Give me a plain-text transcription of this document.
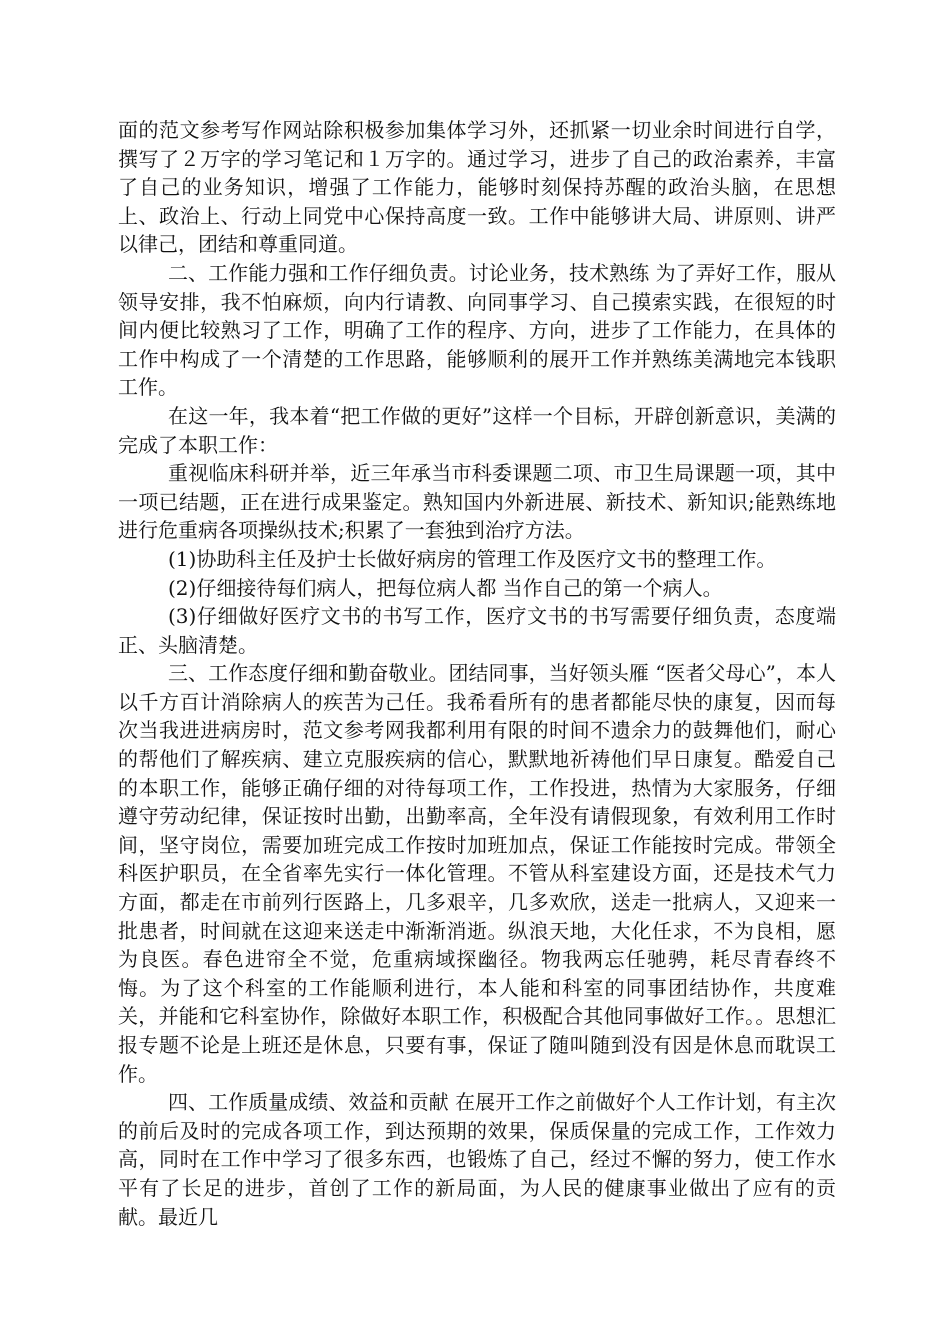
面的范文参考写作网站除积极参加集体学习外，还抓紧一切业余时间进行自学，撰写了２万字的学习笔记和１万字的。通过学习，进步了自己的政治素养，丰富了自己的业务知识，增强了工作能力，能够时刻保持苏醒的政治头脑，在思想上、政治上、行动上同党中心保持高度一致。工作中能够讲大局、讲原则、讲严以律己，团结和尊重同道。

二、工作能力强和工作仔细负责。讨论业务，技术熟练 为了弄好工作，服从领导安排，我不怕麻烦，向内行请教、向同事学习、自己摸索实践，在很短的时间内便比较熟习了工作，明确了工作的程序、方向，进步了工作能力，在具体的工作中构成了一个清楚的工作思路，能够顺利的展开工作并熟练美满地完本钱职工作。

在这一年，我本着“把工作做的更好”这样一个目标，开辟创新意识，美满的完成了本职工作：

重视临床科研并举，近三年承当市科委课题二项、市卫生局课题一项，其中一项已结题，正在进行成果鉴定。熟知国内外新进展、新技术、新知识;能熟练地进行危重病各项操纵技术;积累了一套独到治疗方法。

(1)协助科主任及护士长做好病房的管理工作及医疗文书的整理工作。

(2)仔细接待每们病人，把每位病人都 当作自己的第一个病人。

(3)仔细做好医疗文书的书写工作，医疗文书的书写需要仔细负责，态度端正、头脑清楚。

三、工作态度仔细和勤奋敬业。团结同事，当好领头雁 “医者父母心”，本人以千方百计消除病人的疾苦为己任。我希看所有的患者都能尽快的康复，因而每次当我进进病房时，范文参考网我都利用有限的时间不遗余力的鼓舞他们，耐心的帮他们了解疾病、建立克服疾病的信心，默默地祈祷他们早日康复。酷爱自己的本职工作，能够正确仔细的对待每项工作，工作投进，热情为大家服务，仔细遵守劳动纪律，保证按时出勤，出勤率高，全年没有请假现象，有效利用工作时间，坚守岗位，需要加班完成工作按时加班加点，保证工作能按时完成。带领全科医护职员，在全省率先实行一体化管理。不管从科室建设方面，还是技术气力方面，都走在市前列行医路上，几多艰辛，几多欢欣，送走一批病人，又迎来一批患者，时间就在这迎来送走中渐渐消逝。纵浪天地，大化任求，不为良相，愿为良医。春色进帘全不觉，危重病域探幽径。物我两忘任驰骋，耗尽青春终不悔。为了这个科室的工作能顺利进行，本人能和科室的同事团结协作，共度难关，并能和它科室协作，除做好本职工作，积极配合其他同事做好工作。。思想汇报专题不论是上班还是休息，只要有事，保证了随叫随到没有因是休息而耽误工作。

四、工作质量成绩、效益和贡献 在展开工作之前做好个人工作计划，有主次的前后及时的完成各项工作，到达预期的效果，保质保量的完成工作，工作效力高，同时在工作中学习了很多东西，也锻炼了自己，经过不懈的努力，使工作水平有了长足的进步，首创了工作的新局面，为人民的健康事业做出了应有的贡献。最近几
